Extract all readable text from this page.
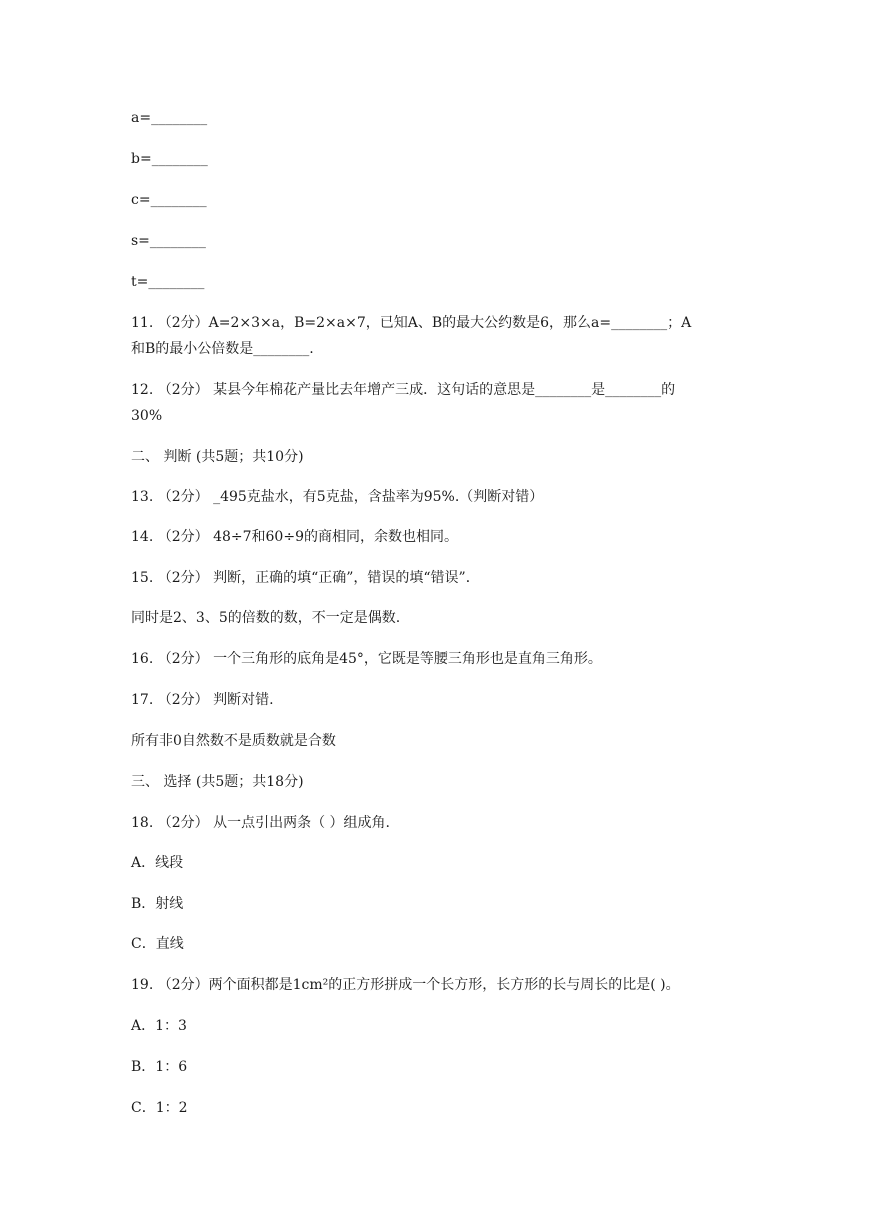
a=________
b=________
c=________
s=________
t=________
11. （2分）A=2×3×a，B=2×a×7，已知A、B的最大公约数是6，那么a=________；A
和B的最小公倍数是________.
12. （2分） 某县今年棉花产量比去年增产三成．这句话的意思是________是________的
30%
二、 判断 (共5题；共10分)
13. （2分） _495克盐水，有5克盐，含盐率为95%.（判断对错）
14. （2分） 48÷7和60÷9的商相同，余数也相同。
15. （2分） 判断，正确的填“正确”，错误的填“错误”．
同时是2、3、5的倍数的数，不一定是偶数.
16. （2分） 一个三角形的底角是45°，它既是等腰三角形也是直角三角形。
17. （2分） 判断对错.
所有非0自然数不是质数就是合数
三、 选择 (共5题；共18分)
18. （2分） 从一点引出两条（ ）组成角.
A．线段
B．射线
C．直线
19. （2分）两个面积都是1cm²的正方形拼成一个长方形，长方形的长与周长的比是( )。
A．1：3
B．1：6
C．1：2
